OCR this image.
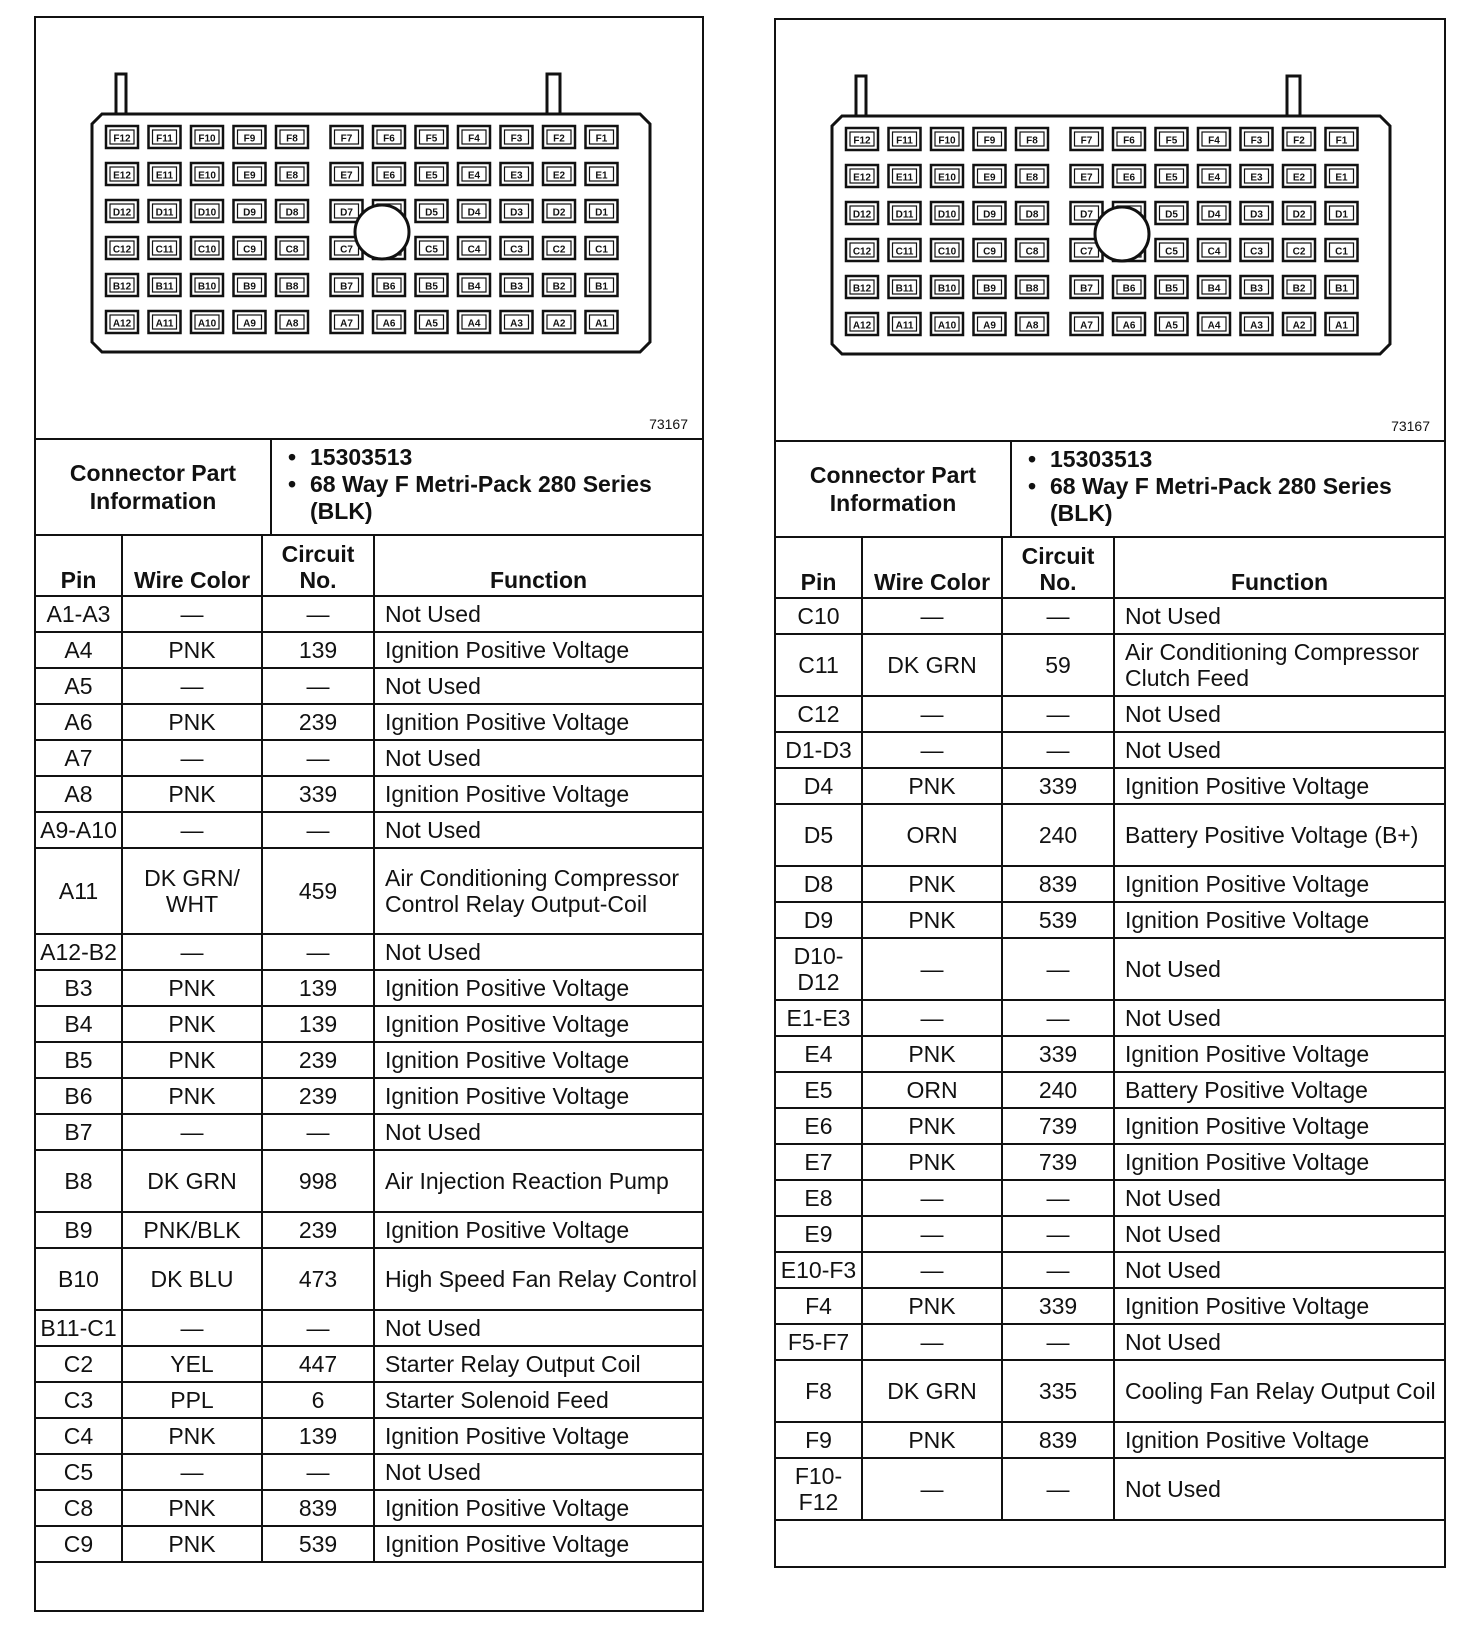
F12	F11	F10	F9	F8	F7	F6	F5	F4	F3	F2	F1
E12 E11 E10	E9	E8	E7	E6	E5	E4	E3	E2	E1
D12 D11 D10	D9	D8	D7	D5	D4	D3	D2	D1
C12 C11 C10	C9	C8	C7	C5	C4	C3	C2	C1
B12 B11 B10	B9	B8	B7	B6	B5	B4	B3	B2	B1
A12 A11 A10	A9	A8	A7	A6	A5	A4	A3	A2	A1
73167
Connector Part Information
• 15303513
• 68 Way F Metri-Pack 280 Series (BLK)
Pin	Wire Color	Circuit No.	Function
A1-A3	—	—	Not Used
A4	PNK	139	Ignition Positive Voltage
A5	—	—	Not Used
A6	PNK	239	Ignition Positive Voltage
A7	—	—	Not Used
A8	PNK	339	Ignition Positive Voltage
A9-A10	—	—	Not Used
A11	DK GRN/ WHT	459	Air Conditioning Compressor Control Relay Output-Coil
A12-B2	—	—	Not Used
B3	PNK	139	Ignition Positive Voltage
B4	PNK	139	Ignition Positive Voltage
B5	PNK	239	Ignition Positive Voltage
B6	PNK	239	Ignition Positive Voltage
B7	—	—	Not Used
B8	DK GRN	998	Air Injection Reaction Pump
B9	PNK/BLK	239	Ignition Positive Voltage
B10	DK BLU	473	High Speed Fan Relay Control
B11-C1	—	—	Not Used
C2	YEL	447	Starter Relay Output Coil
C3	PPL	6	Starter Solenoid Feed
C4	PNK	139	Ignition Positive Voltage
C5	—	—	Not Used
C8	PNK	839	Ignition Positive Voltage
C9	PNK	539	Ignition Positive Voltage
F12	F11	F10	F9	F8	F7	F6	F5	F4	F3	F2	F1
E12 E11 E10	E9	E8	E7	E6	E5	E4	E3	E2	E1
D12 D11 D10	D9	D8	D7	D5	D4	D3	D2	D1
C12 C11 C10	C9	C8	C7	C5	C4	C3	C2	C1
B12 B11 B10	B9	B8	B7	B6	B5	B4	B3	B2	B1
A12 A11 A10	A9	A8	A7	A6	A5	A4	A3	A2	A1
73167
Connector Part Information
• 15303513
• 68 Way F Metri-Pack 280 Series (BLK)
Pin	Wire Color	Circuit No.	Function
C10	—	—	Not Used
C11	DK GRN	59	Air Conditioning Compressor Clutch Feed
C12	—	—	Not Used
D1-D3	—	—	Not Used
D4	PNK	339	Ignition Positive Voltage
D5	ORN	240	Battery Positive Voltage (B+)
D8	PNK	839	Ignition Positive Voltage
D9	PNK	539	Ignition Positive Voltage
D10- D12	—	—	Not Used
E1-E3	—	—	Not Used
E4	PNK	339	Ignition Positive Voltage
E5	ORN	240	Battery Positive Voltage
E6	PNK	739	Ignition Positive Voltage
E7	PNK	739	Ignition Positive Voltage
E8	—	—	Not Used
E9	—	—	Not Used
E10-F3	—	—	Not Used
F4	PNK	339	Ignition Positive Voltage
F5-F7	—	—	Not Used
F8	DK GRN	335	Cooling Fan Relay Output Coil
F9	PNK	839	Ignition Positive Voltage
F10- F12	—	—	Not Used
